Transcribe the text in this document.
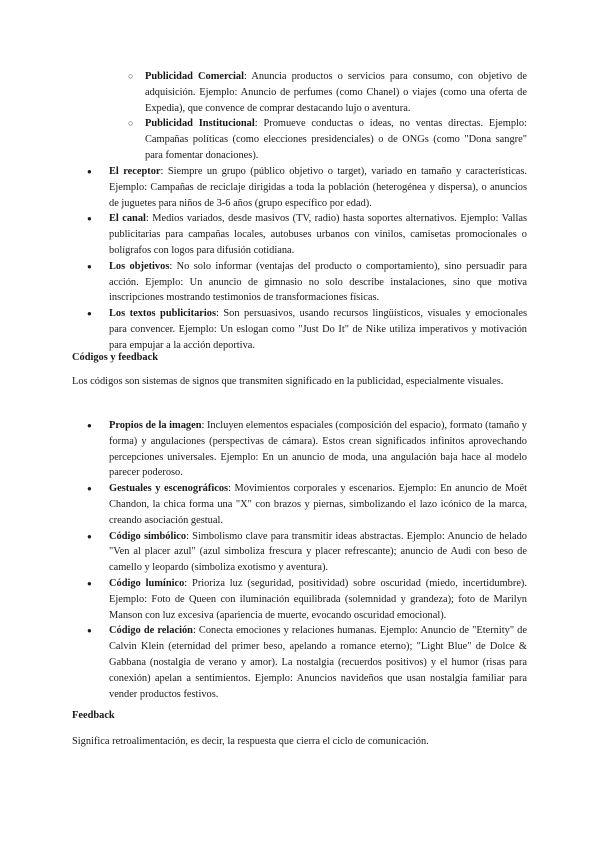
○ Publicidad Comercial: Anuncia productos o servicios para consumo, con objetivo de adquisición. Ejemplo: Anuncio de perfumes (como Chanel) o viajes (como una oferta de Expedia), que convence de comprar destacando lujo o aventura.
○ Publicidad Institucional: Promueve conductas o ideas, no ventas directas. Ejemplo: Campañas políticas (como elecciones presidenciales) o de ONGs (como "Dona sangre" para fomentar donaciones).
● El receptor: Siempre un grupo (público objetivo o target), variado en tamaño y características. Ejemplo: Campañas de reciclaje dirigidas a toda la población (heterogénea y dispersa), o anuncios de juguetes para niños de 3-6 años (grupo específico por edad).
● El canal: Medios variados, desde masivos (TV, radio) hasta soportes alternativos. Ejemplo: Vallas publicitarias para campañas locales, autobuses urbanos con vinilos, camisetas promocionales o bolígrafos con logos para difusión cotidiana.
● Los objetivos: No solo informar (ventajas del producto o comportamiento), sino persuadir para acción. Ejemplo: Un anuncio de gimnasio no solo describe instalaciones, sino que motiva inscripciones mostrando testimonios de transformaciones físicas.
● Los textos publicitarios: Son persuasivos, usando recursos lingüísticos, visuales y emocionales para convencer. Ejemplo: Un eslogan como "Just Do It" de Nike utiliza imperativos y motivación para empujar a la acción deportiva.
Códigos y feedback
Los códigos son sistemas de signos que transmiten significado en la publicidad, especialmente visuales.
● Propios de la imagen: Incluyen elementos espaciales (composición del espacio), formato (tamaño y forma) y angulaciones (perspectivas de cámara). Estos crean significados infinitos aprovechando percepciones universales. Ejemplo: En un anuncio de moda, una angulación baja hace al modelo parecer poderoso.
● Gestuales y escenográficos: Movimientos corporales y escenarios. Ejemplo: En anuncio de Moët Chandon, la chica forma una "X" con brazos y piernas, simbolizando el lazo icónico de la marca, creando asociación gestual.
● Código simbólico: Simbolismo clave para transmitir ideas abstractas. Ejemplo: Anuncio de helado "Ven al placer azul" (azul simboliza frescura y placer refrescante); anuncio de Audi con beso de camello y leopardo (simboliza exotismo y aventura).
● Código lumínico: Prioriza luz (seguridad, positividad) sobre oscuridad (miedo, incertidumbre). Ejemplo: Foto de Queen con iluminación equilibrada (solemnidad y grandeza); foto de Marilyn Manson con luz excesiva (apariencia de muerte, evocando oscuridad emocional).
● Código de relación: Conecta emociones y relaciones humanas. Ejemplo: Anuncio de "Eternity" de Calvin Klein (eternidad del primer beso, apelando a romance eterno); "Light Blue" de Dolce & Gabbana (nostalgia de verano y amor). La nostalgia (recuerdos positivos) y el humor (risas para conexión) apelan a sentimientos. Ejemplo: Anuncios navideños que usan nostalgia familiar para vender productos festivos.
Feedback
Significa retroalimentación, es decir, la respuesta que cierra el ciclo de comunicación.
